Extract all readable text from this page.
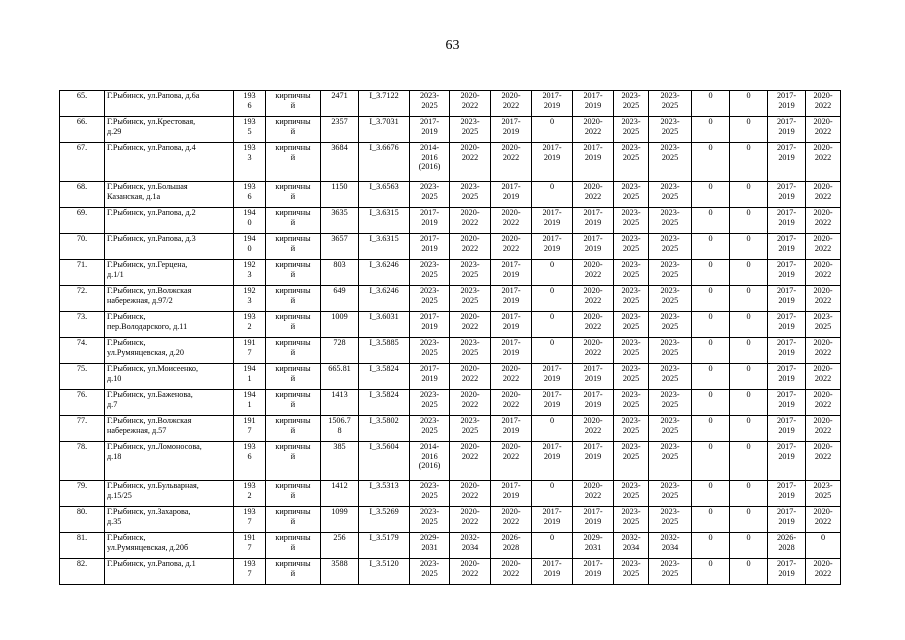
63
65.	Г.Рыбинск, ул.Рапова, д.6а	193
6	кирпичны
й	2471	I_3.7122	2023-
2025	2020-
2022	2020-
2022	2017-
2019	2017-
2019	2023-
2025	2023-
2025	0	0	2017-
2019	2020-
2022
66.	Г.Рыбинск, ул.Крестовая,
д.29	193
5	кирпичны
й	2357	I_3.7031	2017-
2019	2023-
2025	2017-
2019	0	2020-
2022	2023-
2025	2023-
2025	0	0	2017-
2019	2020-
2022
67.	Г.Рыбинск, ул.Рапова, д.4	193
3	кирпичны
й	3684	I_3.6676	2014-
2016
(2016)	2020-
2022	2020-
2022	2017-
2019	2017-
2019	2023-
2025	2023-
2025	0	0	2017-
2019	2020-
2022
68.	Г.Рыбинск, ул.Большая
Казанская, д.1а	193
6	кирпичны
й	1150	I_3.6563	2023-
2025	2023-
2025	2017-
2019	0	2020-
2022	2023-
2025	2023-
2025	0	0	2017-
2019	2020-
2022
69.	Г.Рыбинск, ул.Рапова, д.2	194
0	кирпичны
й	3635	I_3.6315	2017-
2019	2020-
2022	2020-
2022	2017-
2019	2017-
2019	2023-
2025	2023-
2025	0	0	2017-
2019	2020-
2022
70.	Г.Рыбинск, ул.Рапова, д.3	194
0	кирпичны
й	3657	I_3.6315	2017-
2019	2020-
2022	2020-
2022	2017-
2019	2017-
2019	2023-
2025	2023-
2025	0	0	2017-
2019	2020-
2022
71.	Г.Рыбинск, ул.Герцена,
д.1/1	192
3	кирпичны
й	803	I_3.6246	2023-
2025	2023-
2025	2017-
2019	0	2020-
2022	2023-
2025	2023-
2025	0	0	2017-
2019	2020-
2022
72.	Г.Рыбинск, ул.Волжская
набережная, д.97/2	192
3	кирпичны
й	649	I_3.6246	2023-
2025	2023-
2025	2017-
2019	0	2020-
2022	2023-
2025	2023-
2025	0	0	2017-
2019	2020-
2022
73.	Г.Рыбинск,
пер.Володарского, д.11	193
2	кирпичны
й	1009	I_3.6031	2017-
2019	2020-
2022	2017-
2019	0	2020-
2022	2023-
2025	2023-
2025	0	0	2017-
2019	2023-
2025
74.	Г.Рыбинск,
ул.Румянцевская, д.20	191
7	кирпичны
й	728	I_3.5885	2023-
2025	2023-
2025	2017-
2019	0	2020-
2022	2023-
2025	2023-
2025	0	0	2017-
2019	2020-
2022
75.	Г.Рыбинск, ул.Моисеенко,
д.10	194
1	кирпичны
й	665.81	I_3.5824	2017-
2019	2020-
2022	2020-
2022	2017-
2019	2017-
2019	2023-
2025	2023-
2025	0	0	2017-
2019	2020-
2022
76.	Г.Рыбинск, ул.Баженова,
д.7	194
1	кирпичны
й	1413	I_3.5824	2023-
2025	2020-
2022	2020-
2022	2017-
2019	2017-
2019	2023-
2025	2023-
2025	0	0	2017-
2019	2020-
2022
77.	Г.Рыбинск, ул.Волжская
набережная, д.57	191
7	кирпичны
й	1506.7
8	I_3.5802	2023-
2025	2023-
2025	2017-
2019	0	2020-
2022	2023-
2025	2023-
2025	0	0	2017-
2019	2020-
2022
78.	Г.Рыбинск, ул.Ломоносова,
д.18	193
6	кирпичны
й	385	I_3.5604	2014-
2016
(2016)	2020-
2022	2020-
2022	2017-
2019	2017-
2019	2023-
2025	2023-
2025	0	0	2017-
2019	2020-
2022
79.	Г.Рыбинск, ул.Бульварная,
д.15/25	193
2	кирпичны
й	1412	I_3.5313	2023-
2025	2020-
2022	2017-
2019	0	2020-
2022	2023-
2025	2023-
2025	0	0	2017-
2019	2023-
2025
80.	Г.Рыбинск, ул.Захарова,
д.35	193
7	кирпичны
й	1099	I_3.5269	2023-
2025	2020-
2022	2020-
2022	2017-
2019	2017-
2019	2023-
2025	2023-
2025	0	0	2017-
2019	2020-
2022
81.	Г.Рыбинск,
ул.Румянцевская, д.20б	191
7	кирпичны
й	256	I_3.5179	2029-
2031	2032-
2034	2026-
2028	0	2029-
2031	2032-
2034	2032-
2034	0	0	2026-
2028	0
82.	Г.Рыбинск, ул.Рапова, д.1	193
7	кирпичны
й	3588	I_3.5120	2023-
2025	2020-
2022	2020-
2022	2017-
2019	2017-
2019	2023-
2025	2023-
2025	0	0	2017-
2019	2020-
2022
